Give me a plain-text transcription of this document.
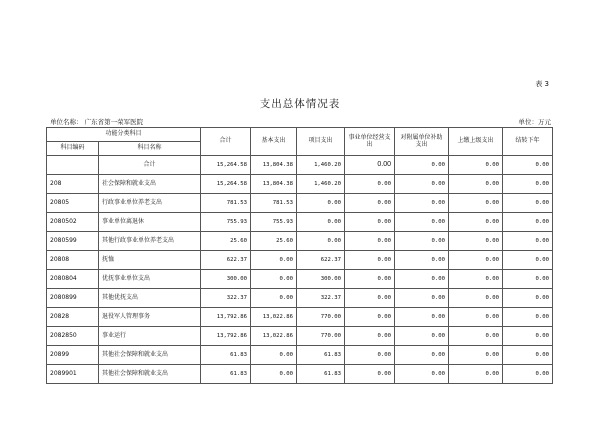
表 3
支出总体情况表
单位名称： 广东省第一荣军医院	单位：万元
功能分类科目		合计	基本支出	项目支出	事业单位经营支出	对附属单位补助支出	上缴上级支出	结转下年
科目编码	科目名称							
	合计	15,264.58	13,804.38	1,460.20	0.00	0.00	0.00	0.00
208	社会保障和就业支出	15,264.58	13,804.38	1,460.20	0.00	0.00	0.00	0.00
20805	行政事业单位养老支出	781.53	781.53	0.00	0.00	0.00	0.00	0.00
2080502	事业单位离退休	755.93	755.93	0.00	0.00	0.00	0.00	0.00
2080599	其他行政事业单位养老支出	25.60	25.60	0.00	0.00	0.00	0.00	0.00
20808	抚恤	622.37	0.00	622.37	0.00	0.00	0.00	0.00
2080804	优抚事业单位支出	300.00	0.00	300.00	0.00	0.00	0.00	0.00
2080899	其他优抚支出	322.37	0.00	322.37	0.00	0.00	0.00	0.00
20828	退役军人管理事务	13,792.86	13,022.86	770.00	0.00	0.00	0.00	0.00
2082850	事业运行	13,792.86	13,022.86	770.00	0.00	0.00	0.00	0.00
20899	其他社会保障和就业支出	61.83	0.00	61.83	0.00	0.00	0.00	0.00
2089901	其他社会保障和就业支出	61.83	0.00	61.83	0.00	0.00	0.00	0.00
